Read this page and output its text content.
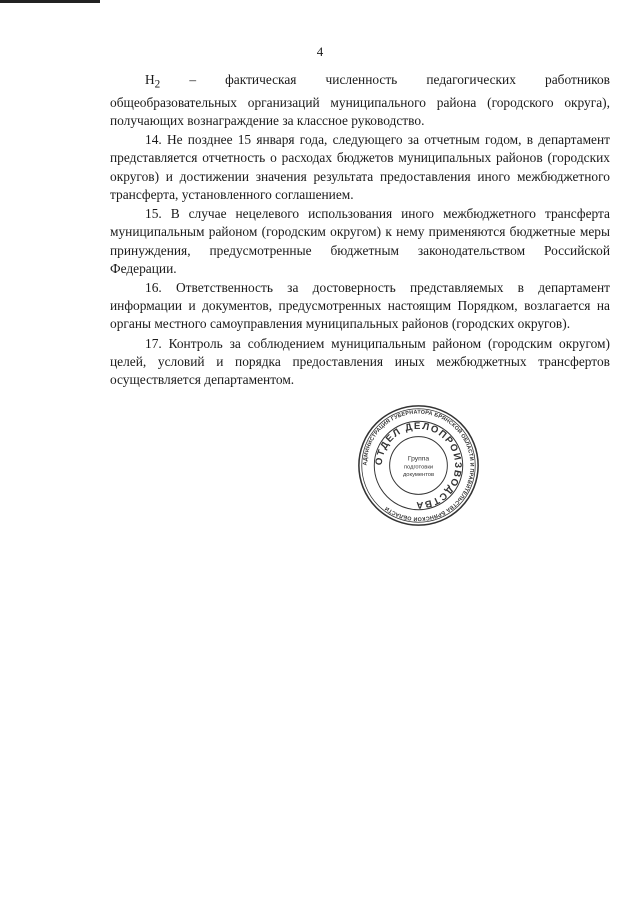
4

$Н_2$ – фактическая численность педагогических работников общеобразовательных организаций муниципального района (городского округа), получающих вознаграждение за классное руководство.

14. Не позднее 15 января года, следующего за отчетным годом, в департамент представляется отчетность о расходах бюджетов муниципальных районов (городских округов) и достижении значения результата предоставления иного межбюджетного трансферта, установленного соглашением.

15. В случае нецелевого использования иного межбюджетного трансферта муниципальным районом (городским округом) к нему применяются бюджетные меры принуждения, предусмотренные бюджетным законодательством Российской Федерации.

16. Ответственность за достоверность представляемых в департамент информации и документов, предусмотренных настоящим Порядком, возлагается на органы местного самоуправления муниципальных районов (городских округов).

17. Контроль за соблюдением муниципальным районом (городским округом) целей, условий и порядка предоставления иных межбюджетных трансфертов осуществляется департаментом.

АДМИНИСТРАЦИЯ ГУБЕРНАТОРА БРЯНСКОЙ ОБЛАСТИ И ПРАВИТЕЛЬСТВА БРЯНСКОЙ ОБЛАСТИ
ОТДЕЛ ДЕЛОПРОИЗВОДСТВА
Группа
подготовки
документов
